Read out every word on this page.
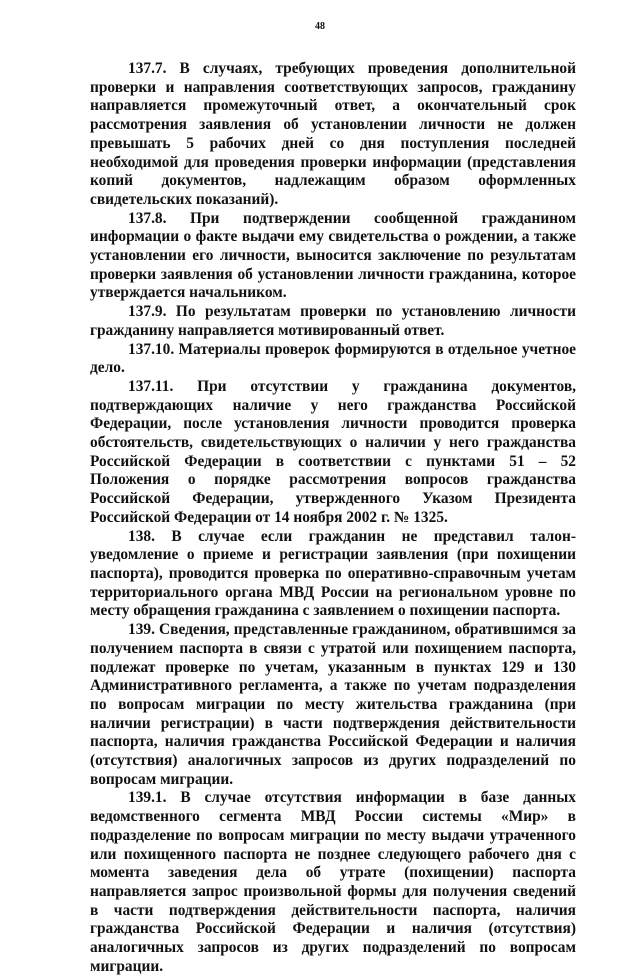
48

137.7. В случаях, требующих проведения дополнительной проверки и направления соответствующих запросов, гражданину направляется промежуточный ответ, а окончательный срок рассмотрения заявления об установлении личности не должен превышать 5 рабочих дней со дня поступления последней необходимой для проведения проверки информации (представления копий документов, надлежащим образом оформленных свидетельских показаний).

137.8. При подтверждении сообщенной гражданином информации о факте выдачи ему свидетельства о рождении, а также установлении его личности, выносится заключение по результатам проверки заявления об установлении личности гражданина, которое утверждается начальником.

137.9. По результатам проверки по установлению личности гражданину направляется мотивированный ответ.

137.10. Материалы проверок формируются в отдельное учетное дело.

137.11. При отсутствии у гражданина документов, подтверждающих наличие у него гражданства Российской Федерации, после установления личности проводится проверка обстоятельств, свидетельствующих о наличии у него гражданства Российской Федерации в соответствии с пунктами 51 – 52 Положения о порядке рассмотрения вопросов гражданства Российской Федерации, утвержденного Указом Президента Российской Федерации от 14 ноября 2002 г. № 1325.

138. В случае если гражданин не представил талон-уведомление о приеме и регистрации заявления (при похищении паспорта), проводится проверка по оперативно-справочным учетам территориального органа МВД России на региональном уровне по месту обращения гражданина с заявлением о похищении паспорта.

139. Сведения, представленные гражданином, обратившимся за получением паспорта в связи с утратой или похищением паспорта, подлежат проверке по учетам, указанным в пунктах 129 и 130 Административного регламента, а также по учетам подразделения по вопросам миграции по месту жительства гражданина (при наличии регистрации) в части подтверждения действительности паспорта, наличия гражданства Российской Федерации и наличия (отсутствия) аналогичных запросов из других подразделений по вопросам миграции.

139.1. В случае отсутствия информации в базе данных ведомственного сегмента МВД России системы «Мир» в подразделение по вопросам миграции по месту выдачи утраченного или похищенного паспорта не позднее следующего рабочего дня с момента заведения дела об утрате (похищении) паспорта направляется запрос произвольной формы для получения сведений в части подтверждения действительности паспорта, наличия гражданства Российской Федерации и наличия (отсутствия) аналогичных запросов из других подразделений по вопросам миграции.
